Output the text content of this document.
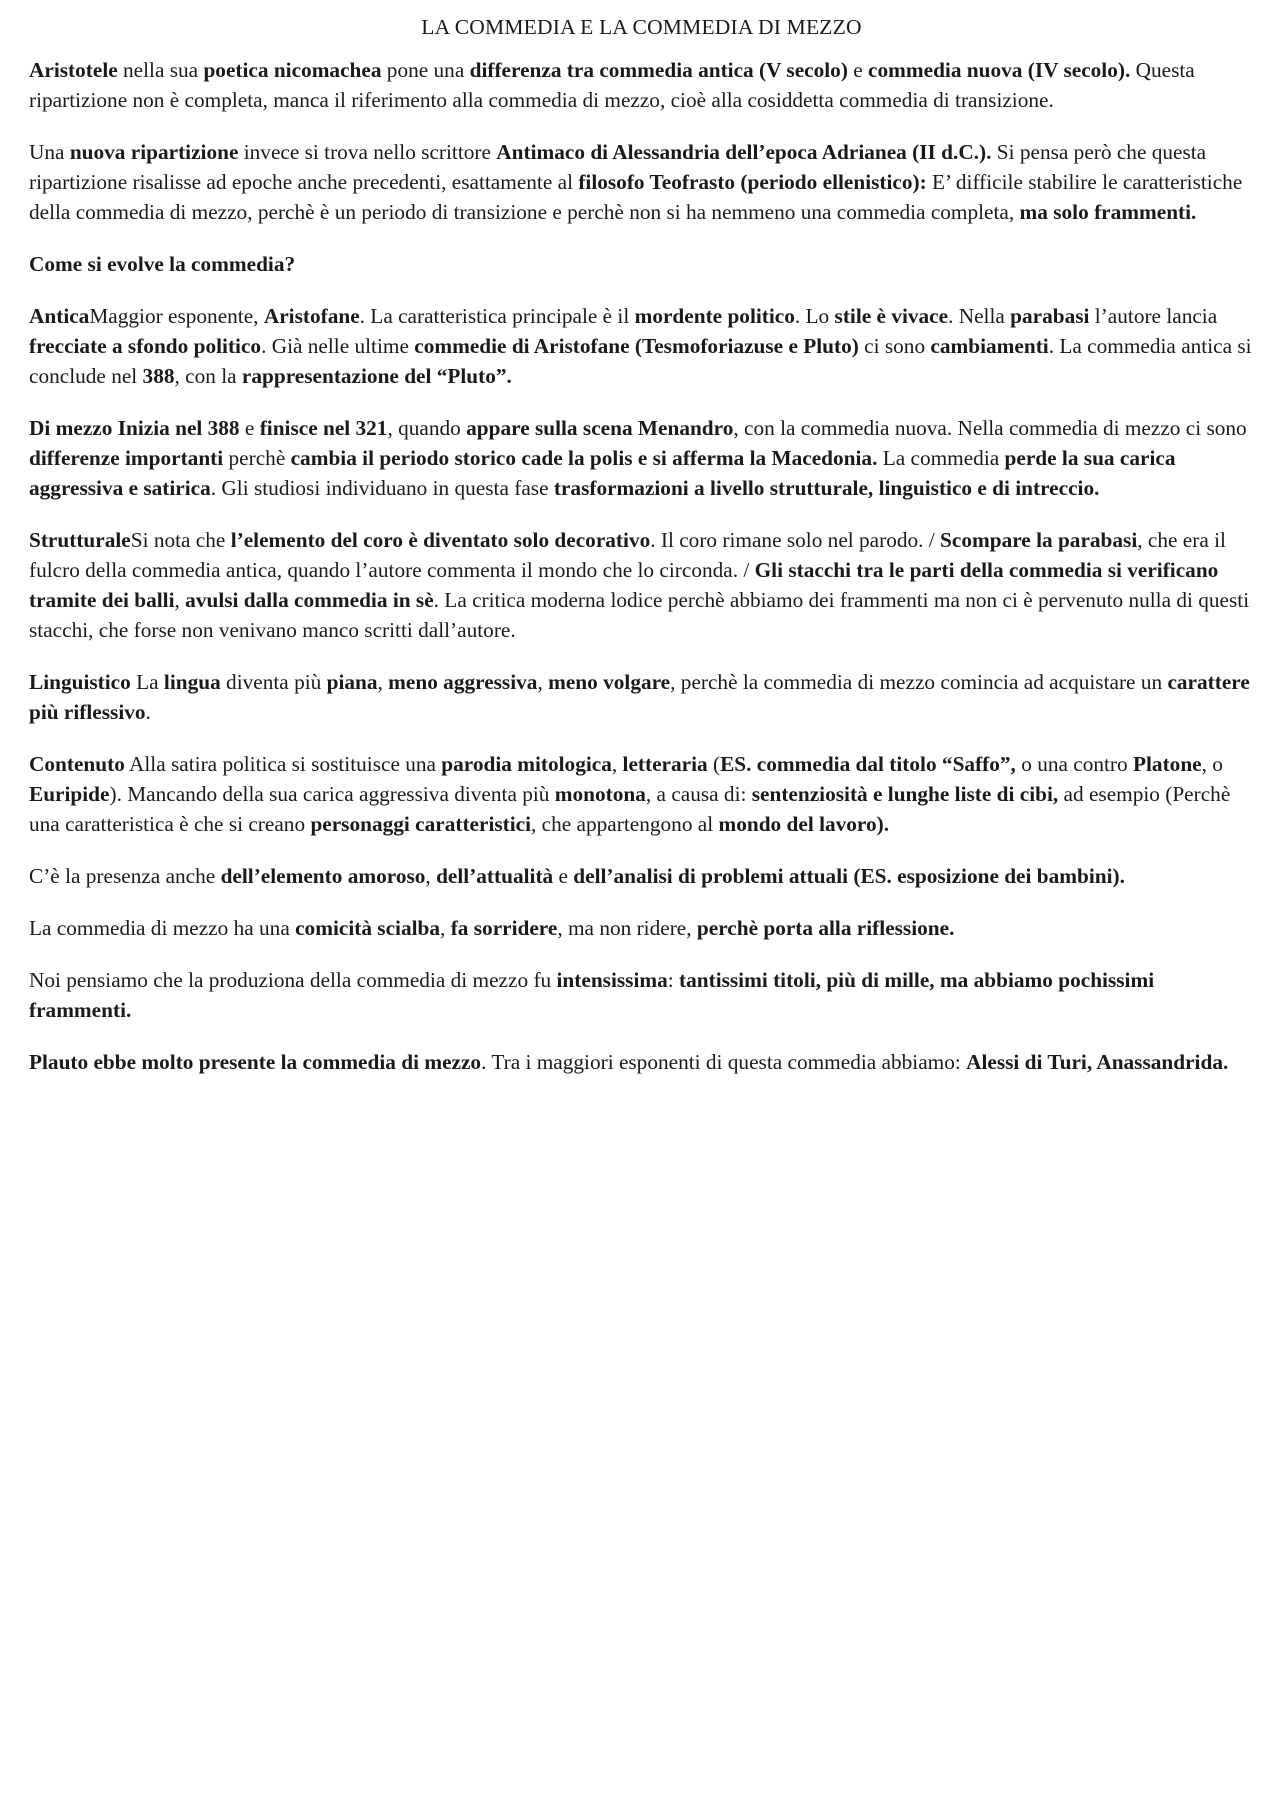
LA COMMEDIA E LA COMMEDIA DI MEZZO

Aristotele nella sua poetica nicomachea pone una differenza tra commedia antica (V secolo) e commedia nuova (IV secolo). Questa ripartizione non è completa, manca il riferimento alla commedia di mezzo, cioè alla cosiddetta commedia di transizione.

Una nuova ripartizione invece si trova nello scrittore Antimaco di Alessandria dell’epoca Adrianea (II d.C.). Si pensa però che questa ripartizione risalisse ad epoche anche precedenti, esattamente al filosofo Teofrasto (periodo ellenistico): E’ difficile stabilire le caratteristiche della commedia di mezzo, perchè è un periodo di transizione e perchè non si ha nemmeno una commedia completa, ma solo frammenti.

Come si evolve la commedia?

AnticaMaggior esponente, Aristofane. La caratteristica principale è il mordente politico. Lo stile è vivace. Nella parabasi l’autore lancia frecciate a sfondo politico. Già nelle ultime commedie di Aristofane (Tesmoforiazuse e Pluto) ci sono cambiamenti. La commedia antica si conclude nel 388, con la rappresentazione del “Pluto”.

Di mezzo Inizia nel 388 e finisce nel 321, quando appare sulla scena Menandro, con la commedia nuova. Nella commedia di mezzo ci sono differenze importanti perchè cambia il periodo storico cade la polis e si afferma la Macedonia. La commedia perde la sua carica aggressiva e satirica. Gli studiosi individuano in questa fase trasformazioni a livello strutturale, linguistico e di intreccio.

StrutturaleSi nota che l’elemento del coro è diventato solo decorativo. Il coro rimane solo nel parodo. / Scompare la parabasi, che era il fulcro della commedia antica, quando l’autore commenta il mondo che lo circonda. / Gli stacchi tra le parti della commedia si verificano tramite dei balli, avulsi dalla commedia in sè. La critica moderna lodice perchè abbiamo dei frammenti ma non ci è pervenuto nulla di questi stacchi, che forse non venivano manco scritti dall’autore.

Linguistico La lingua diventa più piana, meno aggressiva, meno volgare, perchè la commedia di mezzo comincia ad acquistare un carattere più riflessivo.

Contenuto Alla satira politica si sostituisce una parodia mitologica, letteraria (ES. commedia dal titolo “Saffo”, o una contro Platone, o Euripide). Mancando della sua carica aggressiva diventa più monotona, a causa di: sentenziosità e lunghe liste di cibi, ad esempio (Perchè una caratteristica è che si creano personaggi caratteristici, che appartengono al mondo del lavoro).

C’è la presenza anche dell’elemento amoroso, dell’attualità e dell’analisi di problemi attuali (ES. esposizione dei bambini).

La commedia di mezzo ha una comicità scialba, fa sorridere, ma non ridere, perchè porta alla riflessione.

Noi pensiamo che la produziona della commedia di mezzo fu intensissima: tantissimi titoli, più di mille, ma abbiamo pochissimi frammenti.

Plauto ebbe molto presente la commedia di mezzo. Tra i maggiori esponenti di questa commedia abbiamo: Alessi di Turi, Anassandrida.
